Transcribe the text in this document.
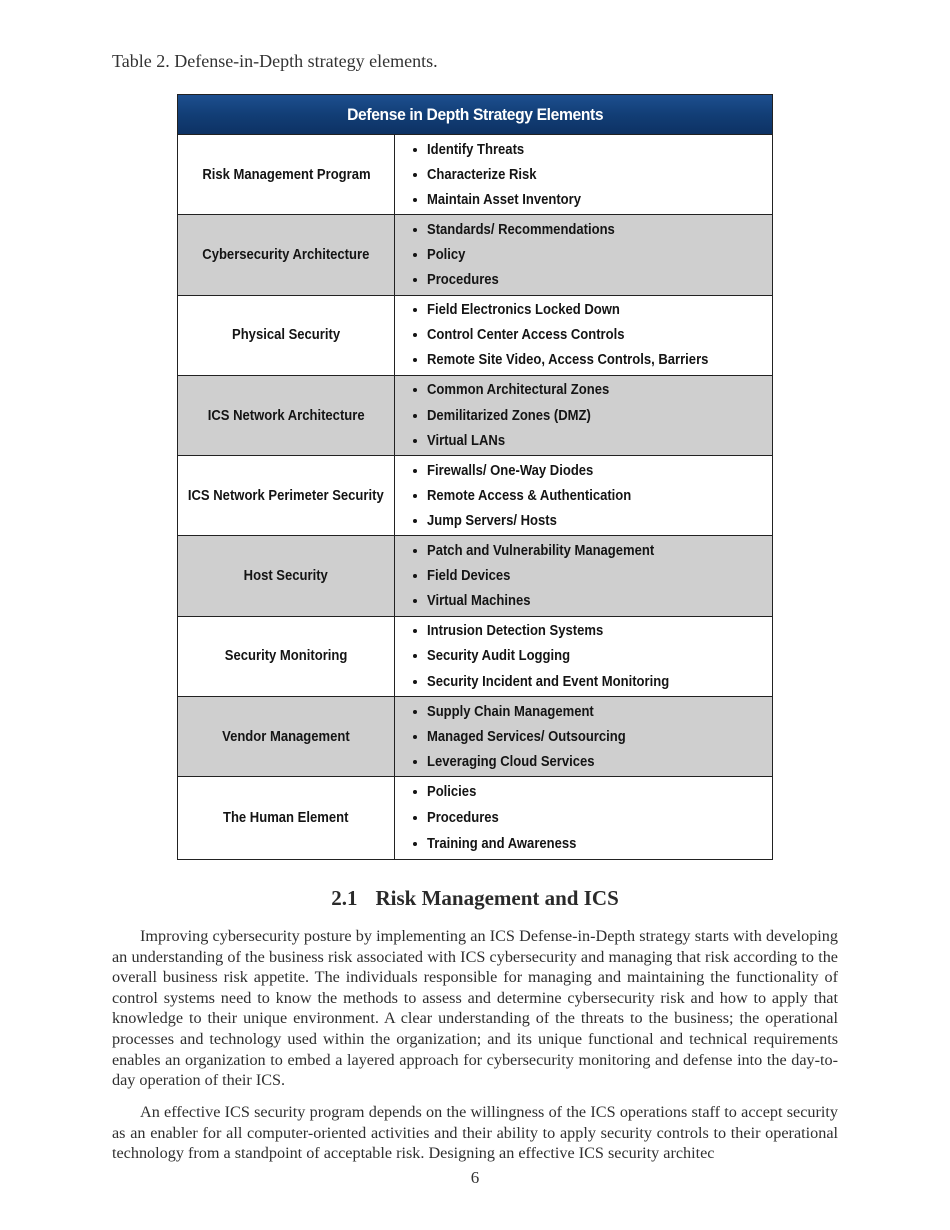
Table 2. Defense-in-Depth strategy elements.
Defense in Depth Strategy Elements
Risk Management Program
Identify Threats
Characterize Risk
Maintain Asset Inventory
Cybersecurity Architecture
Standards/ Recommendations
Policy
Procedures
Physical Security
Field Electronics Locked Down
Control Center Access Controls
Remote Site Video, Access Controls, Barriers
ICS Network Architecture
Common Architectural Zones
Demilitarized Zones (DMZ)
Virtual LANs
ICS Network Perimeter Security
Firewalls/ One-Way Diodes
Remote Access & Authentication
Jump Servers/ Hosts
Host Security
Patch and Vulnerability Management
Field Devices
Virtual Machines
Security Monitoring
Intrusion Detection Systems
Security Audit Logging
Security Incident and Event Monitoring
Vendor Management
Supply Chain Management
Managed Services/ Outsourcing
Leveraging Cloud Services
The Human Element
Policies
Procedures
Training and Awareness
2.1 Risk Management and ICS

Improving cybersecurity posture by implementing an ICS Defense-in-Depth strategy starts with developing an understanding of the business risk associated with ICS cybersecurity and managing that risk according to the overall business risk appetite. The individuals responsible for managing and maintaining the functionality of control systems need to know the methods to assess and determine cybersecurity risk and how to apply that knowledge to their unique environment. A clear understanding of the threats to the business; the operational processes and technology used within the organization; and its unique functional and technical requirements enables an organization to embed a layered approach for cybersecurity monitoring and defense into the day-to-day operation of their ICS.

An effective ICS security program depends on the willingness of the ICS operations staff to accept security as an enabler for all computer-oriented activities and their ability to apply security controls to their operational technology from a standpoint of acceptable risk. Designing an effective ICS security architec

6
